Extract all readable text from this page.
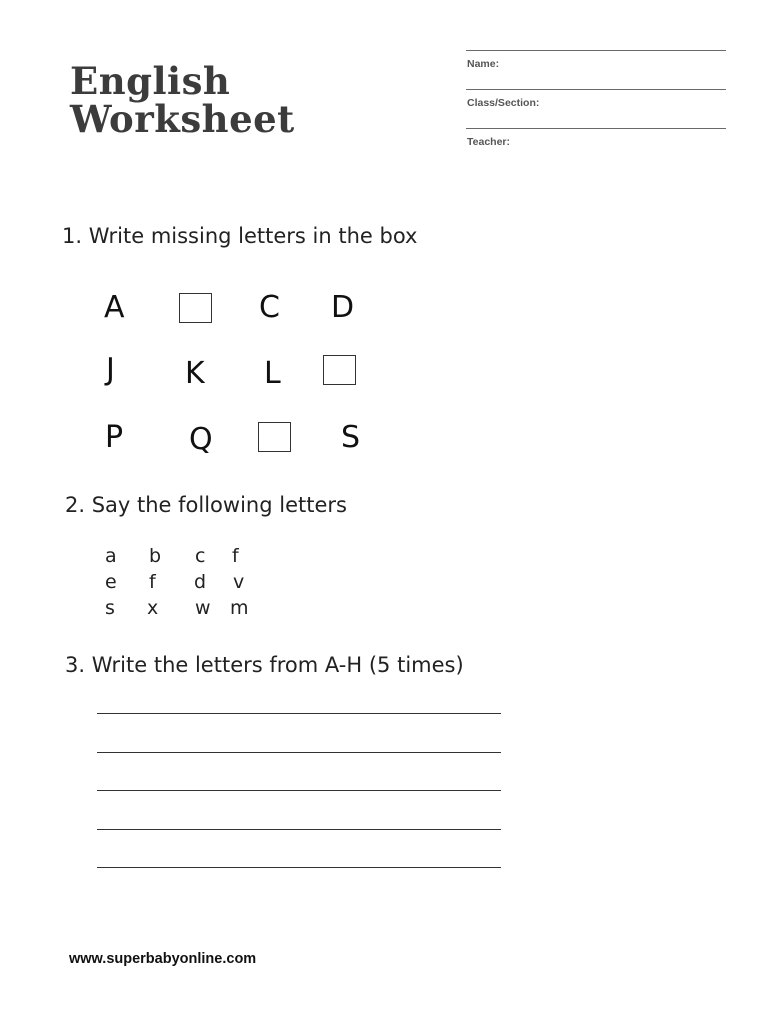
English
Worksheet
Name:
Class/Section:
Teacher:
1. Write missing letters in the box
A	C D
J K L
P Q	S
2. Say the following letters
a b c f
e f d v
s x w m
3. Write the letters from A-H (5 times)
www.superbabyonline.com
